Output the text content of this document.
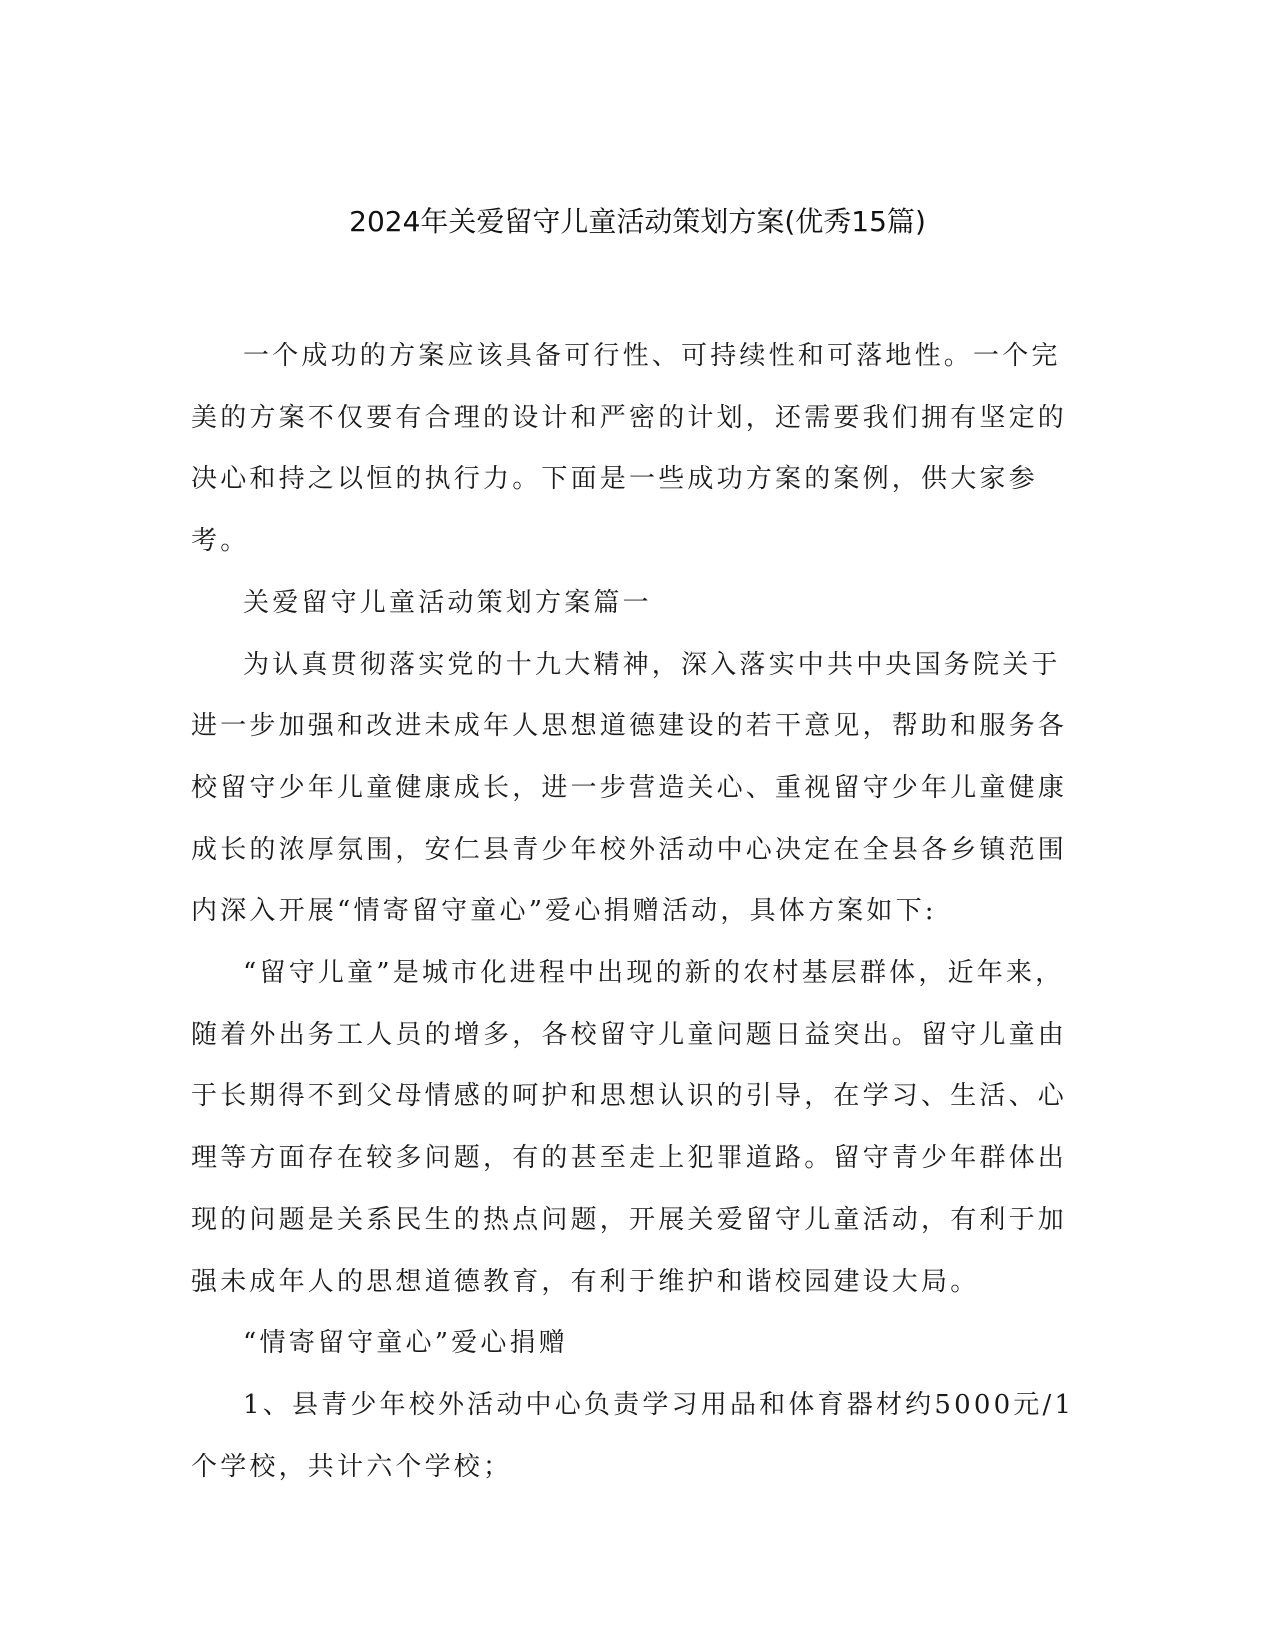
2024年关爱留守儿童活动策划方案(优秀15篇)

一个成功的方案应该具备可行性、可持续性和可落地性。一个完美的方案不仅要有合理的设计和严密的计划，还需要我们拥有坚定的决心和持之以恒的执行力。下面是一些成功方案的案例，供大家参考。

关爱留守儿童活动策划方案篇一

为认真贯彻落实党的十九大精神，深入落实中共中央国务院关于进一步加强和改进未成年人思想道德建设的若干意见，帮助和服务各校留守少年儿童健康成长，进一步营造关心、重视留守少年儿童健康成长的浓厚氛围，安仁县青少年校外活动中心决定在全县各乡镇范围内深入开展“情寄留守童心”爱心捐赠活动，具体方案如下:

“留守儿童”是城市化进程中出现的新的农村基层群体，近年来，随着外出务工人员的增多，各校留守儿童问题日益突出。留守儿童由于长期得不到父母情感的呵护和思想认识的引导，在学习、生活、心理等方面存在较多问题，有的甚至走上犯罪道路。留守青少年群体出现的问题是关系民生的热点问题，开展关爱留守儿童活动，有利于加强未成年人的思想道德教育，有利于维护和谐校园建设大局。

“情寄留守童心”爱心捐赠

1、县青少年校外活动中心负责学习用品和体育器材约5000元/1个学校，共计六个学校；
